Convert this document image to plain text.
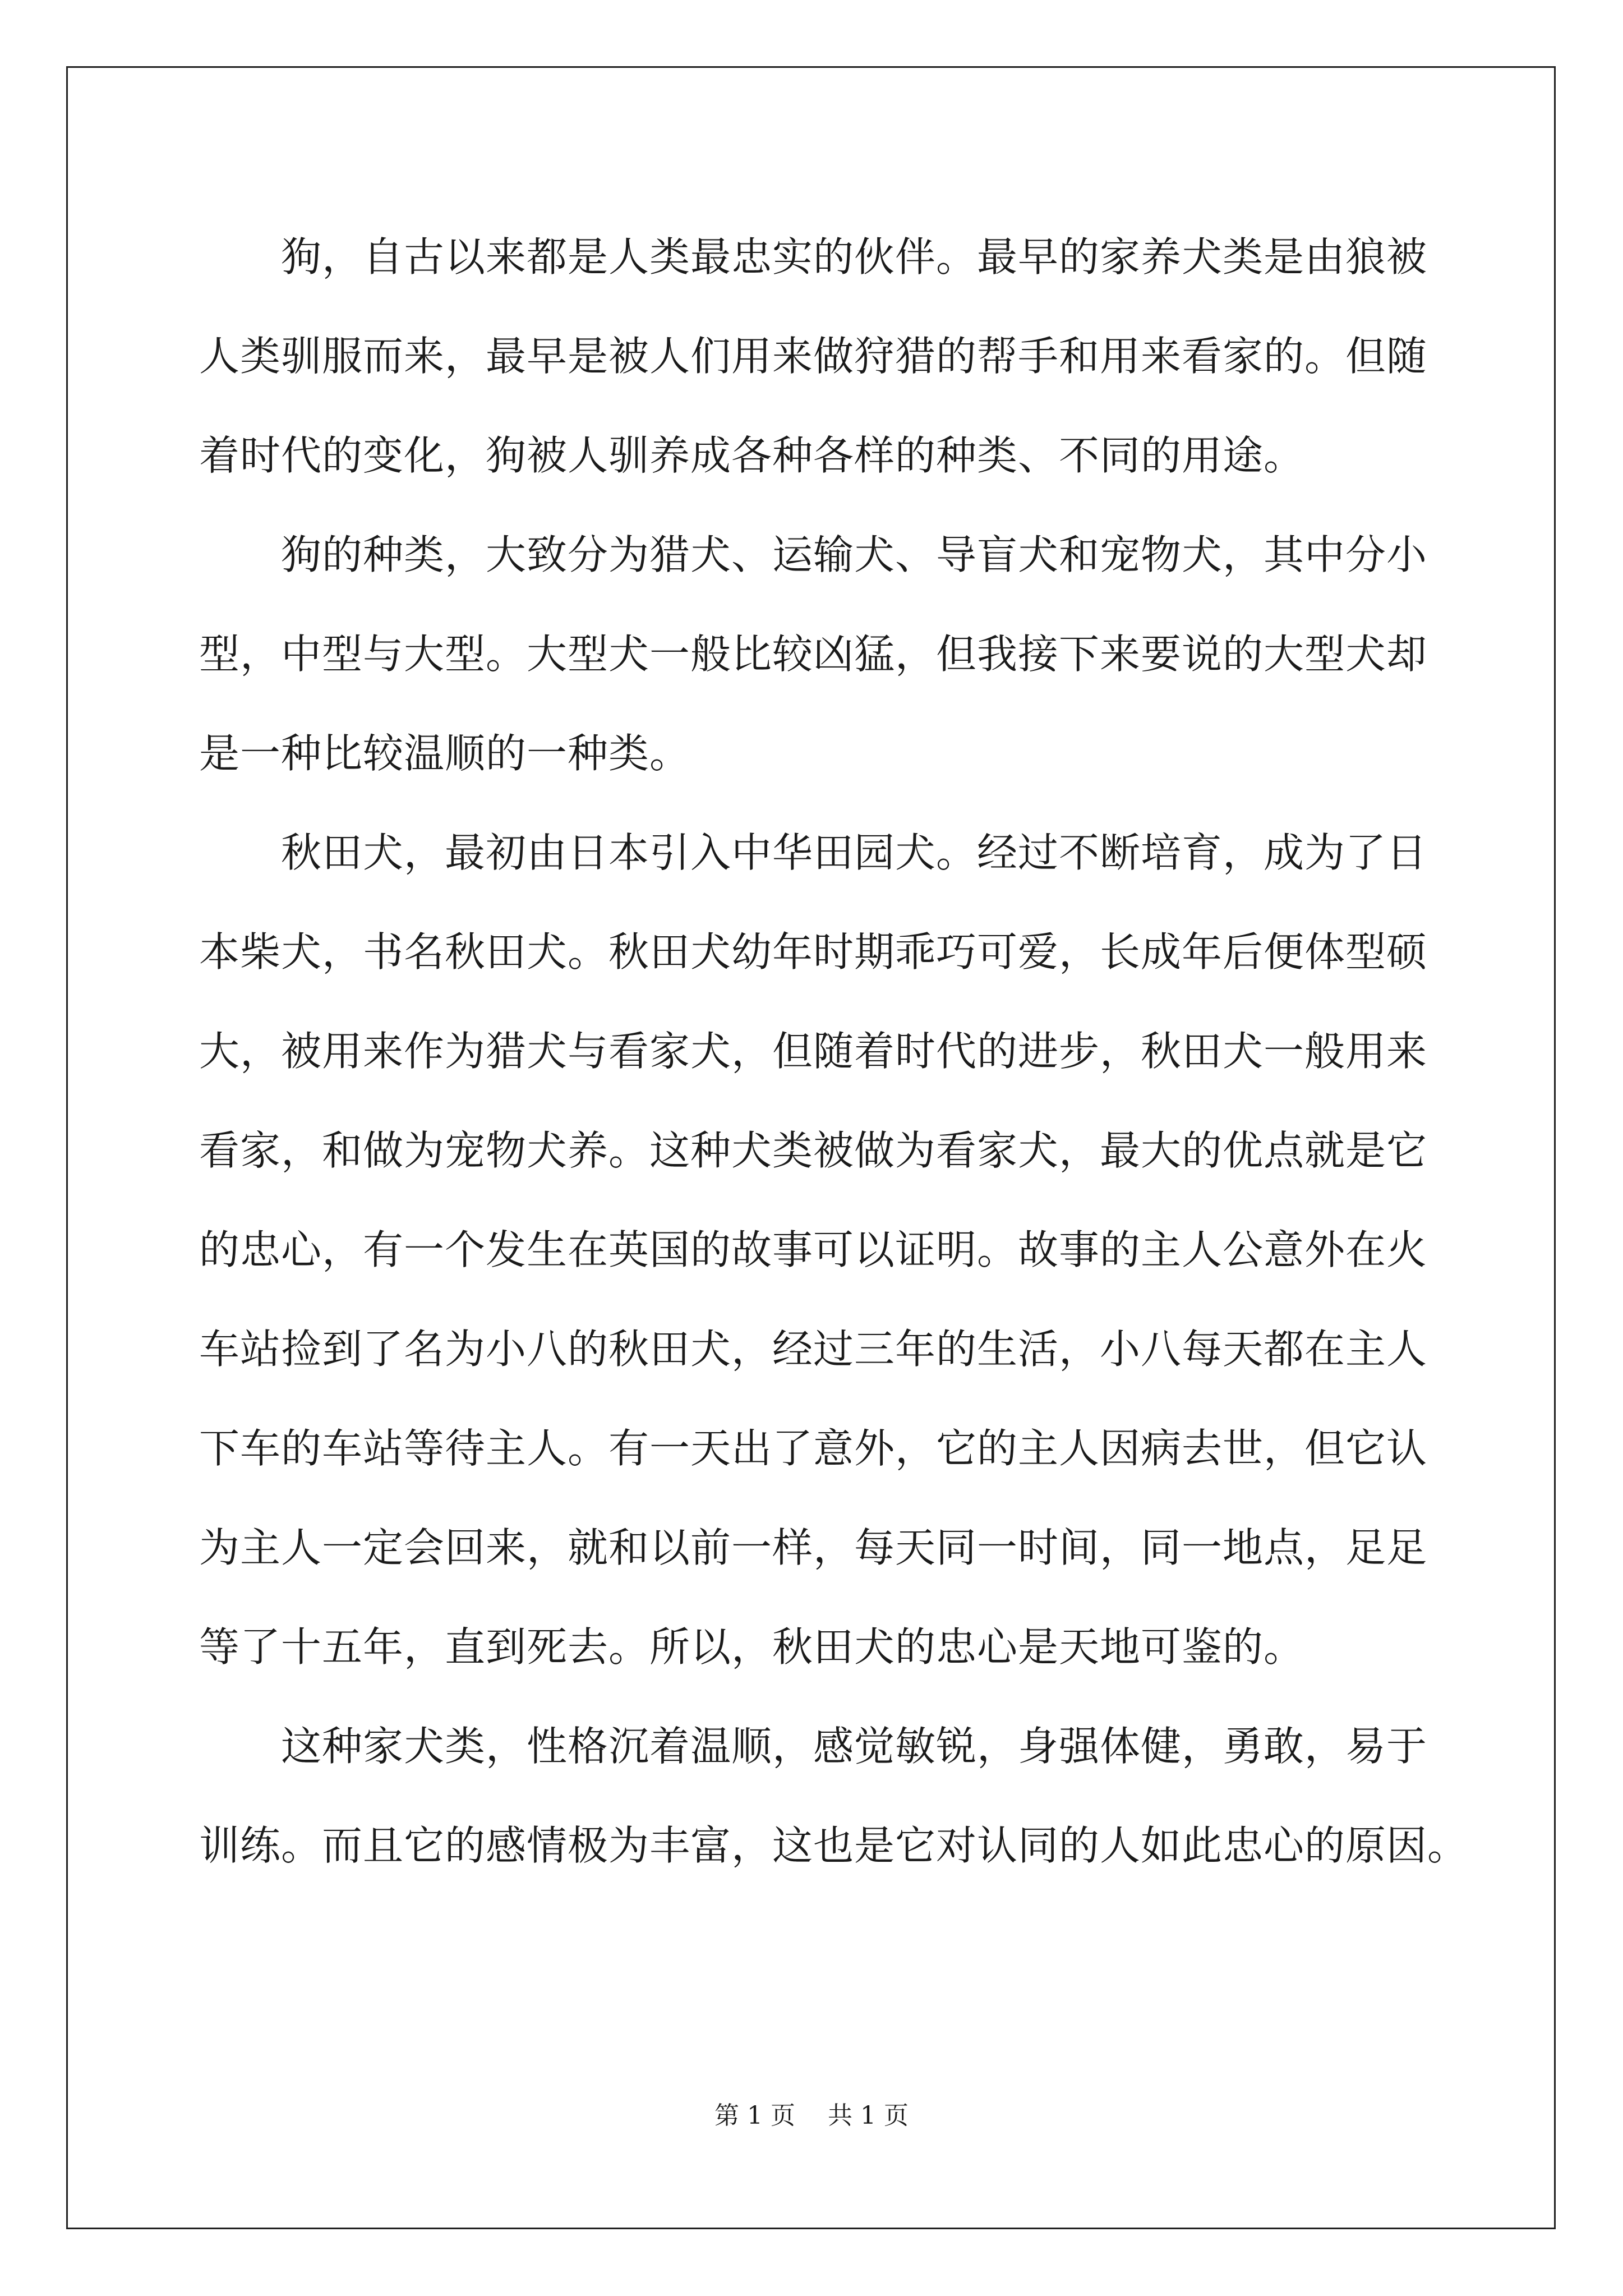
　　狗，自古以来都是人类最忠实的伙伴。最早的家养犬类是由狼被
人类驯服而来，最早是被人们用来做狩猎的帮手和用来看家的。但随
着时代的变化，狗被人驯养成各种各样的种类、不同的用途。
　　狗的种类，大致分为猎犬、运输犬、导盲犬和宠物犬，其中分小
型，中型与大型。大型犬一般比较凶猛，但我接下来要说的大型犬却
是一种比较温顺的一种类。
　　秋田犬，最初由日本引入中华田园犬。经过不断培育，成为了日
本柴犬，书名秋田犬。秋田犬幼年时期乖巧可爱，长成年后便体型硕
大，被用来作为猎犬与看家犬，但随着时代的进步，秋田犬一般用来
看家，和做为宠物犬养。这种犬类被做为看家犬，最大的优点就是它
的忠心，有一个发生在英国的故事可以证明。故事的主人公意外在火
车站捡到了名为小八的秋田犬，经过三年的生活，小八每天都在主人
下车的车站等待主人。有一天出了意外，它的主人因病去世，但它认
为主人一定会回来，就和以前一样，每天同一时间，同一地点，足足
等了十五年，直到死去。所以，秋田犬的忠心是天地可鉴的。
　　这种家犬类，性格沉着温顺，感觉敏锐，身强体健，勇敢，易于
训练。而且它的感情极为丰富，这也是它对认同的人如此忠心的原因。
第 1 页　 共 1 页
